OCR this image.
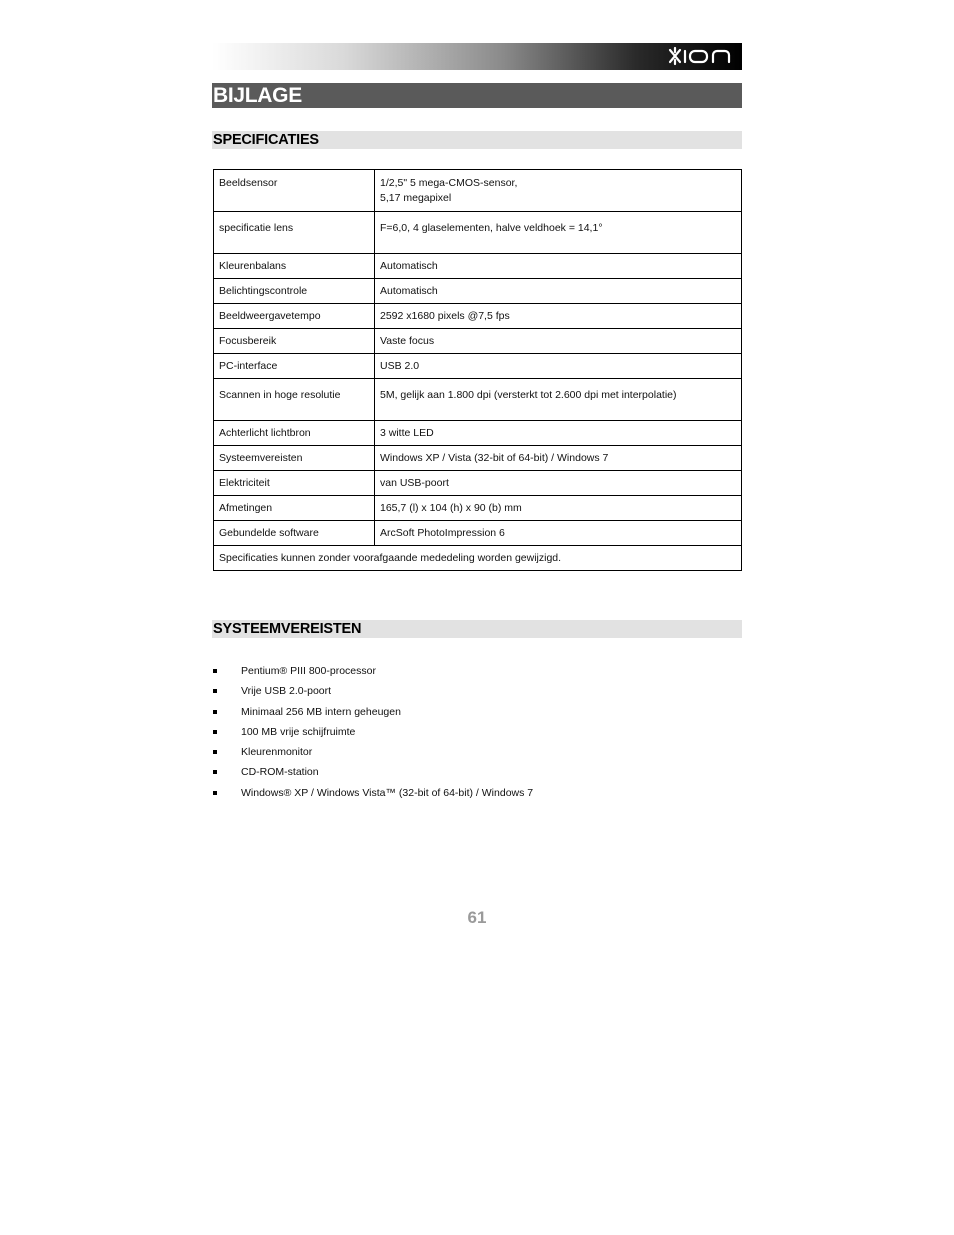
BIJLAGE
SPECIFICATIES
Beeldsensor	1/2,5" 5 mega-CMOS-sensor,
5,17 megapixel

specificatie lens	F=6,0, 4 glaselementen, halve veldhoek = 14,1°

Kleurenbalans	Automatisch

Belichtingscontrole	Automatisch

Beeldweergavetempo	2592 x1680 pixels @7,5 fps

Focusbereik	Vaste focus

PC-interface	USB 2.0

Scannen in hoge resolutie	5M, gelijk aan 1.800 dpi (versterkt tot 2.600 dpi met interpolatie)

Achterlicht lichtbron	3 witte LED

Systeemvereisten	Windows XP / Vista (32-bit of 64-bit) / Windows 7

Elektriciteit	van USB-poort

Afmetingen	165,7 (l) x 104 (h) x 90 (b) mm

Gebundelde software	ArcSoft PhotoImpression 6

Specificaties kunnen zonder voorafgaande mededeling worden gewijzigd.	
SYSTEEMVEREISTEN
Pentium® PIII 800-processor
Vrije USB 2.0-poort
Minimaal 256 MB intern geheugen
100 MB vrije schijfruimte
Kleurenmonitor
CD-ROM-station
Windows® XP / Windows Vista™ (32-bit of 64-bit) / Windows 7
61
